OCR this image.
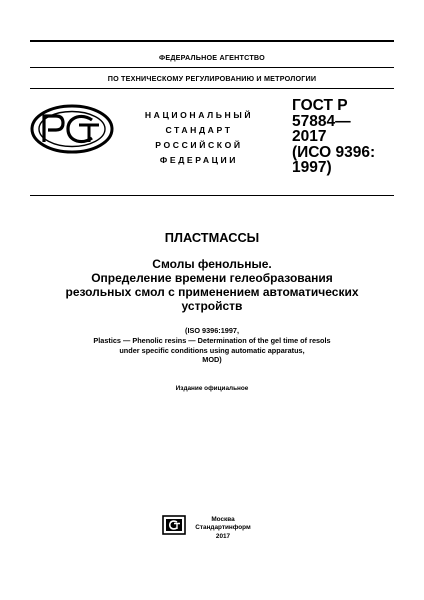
ФЕДЕРАЛЬНОЕ АГЕНТСТВО
ПО ТЕХНИЧЕСКОМУ РЕГУЛИРОВАНИЮ И МЕТРОЛОГИИ
НАЦИОНАЛЬНЫЙ
СТАНДАРТ
РОССИЙСКОЙ
ФЕДЕРАЦИИ
ГОСТ Р
57884—
2017
(ИСО 9396:
1997)
ПЛАСТМАССЫ
Смолы фенольные.
Определение времени гелеобразования
резольных смол с применением автоматических
устройств
(ISO 9396:1997,
Plastics — Phenolic resins — Determination of the gel time of resols
under specific conditions using automatic apparatus,
MOD)
Издание официальное
Москва
Стандартинформ
2017
